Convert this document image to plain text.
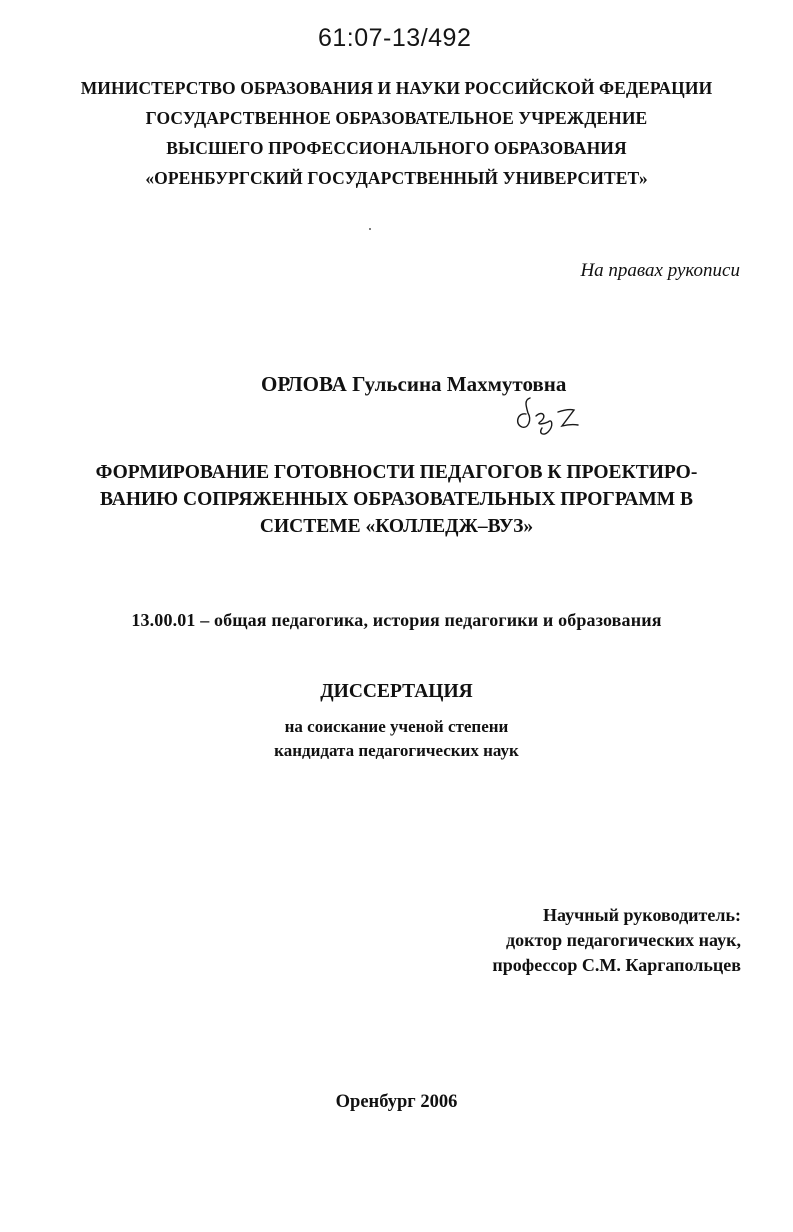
61:07-13/492
МИНИСТЕРСТВО ОБРАЗОВАНИЯ И НАУКИ РОССИЙСКОЙ ФЕДЕРАЦИИ
ГОСУДАРСТВЕННОЕ ОБРАЗОВАТЕЛЬНОЕ УЧРЕЖДЕНИЕ
ВЫСШЕГО ПРОФЕССИОНАЛЬНОГО ОБРАЗОВАНИЯ
«ОРЕНБУРГСКИЙ ГОСУДАРСТВЕННЫЙ УНИВЕРСИТЕТ»
На правах рукописи
ОРЛОВА Гульсина Махмутовна
ФОРМИРОВАНИЕ ГОТОВНОСТИ ПЕДАГОГОВ К ПРОЕКТИРО-
ВАНИЮ СОПРЯЖЕННЫХ ОБРАЗОВАТЕЛЬНЫХ ПРОГРАММ В
СИСТЕМЕ «КОЛЛЕДЖ–ВУЗ»
13.00.01 – общая педагогика, история педагогики и образования
ДИССЕРТАЦИЯ
на соискание ученой степени
кандидата педагогических наук
Научный руководитель:
доктор педагогических наук,
профессор С.М. Каргапольцев
Оренбург 2006
